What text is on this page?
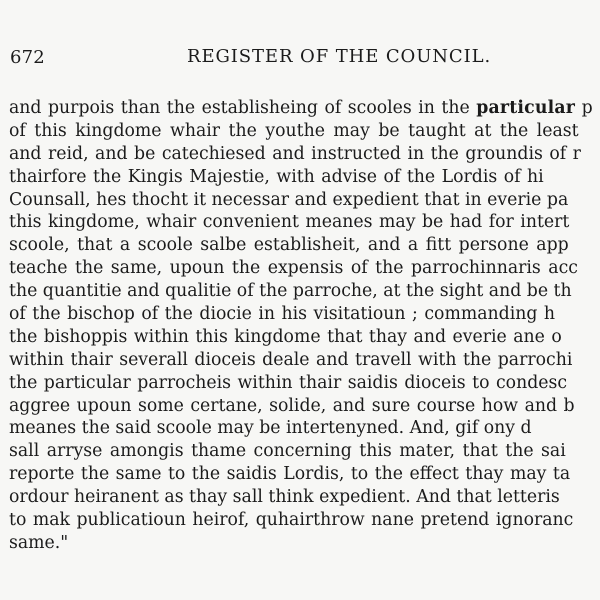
672	REGISTER OF THE COUNCIL.
and purpois than the establisheing of scooles in the particular p
of this kingdome whair the youthe may be taught at the least
and reid, and be catechiesed and instructed in the groundis of r
thairfore the Kingis Majestie, with advise of the Lordis of hi
Counsall, hes thocht it necessar and expedient that in everie pa
this kingdome, whair convenient meanes may be had for intert
scoole, that a scoole salbe establisheit, and a fitt persone app
teache the same, upoun the expensis of the parrochinnaris acc
the quantitie and qualitie of the parroche, at the sight and be th
of the bischop of the diocie in his visitatioun ; commanding h
the bishoppis within this kingdome that thay and everie ane o
within thair severall dioceis deale and travell with the parrochi
the particular parrocheis within thair saidis dioceis to condesc
aggree upoun some certane, solide, and sure course how and b
meanes the said scoole may be intertenyned. And, gif ony d
sall arryse amongis thame concerning this mater, that the sai
reporte the same to the saidis Lordis, to the effect thay may ta
ordour heiranent as thay sall think expedient. And that letteris
to mak publicatioun heirof, quhairthrow nane pretend ignoranc
same."
